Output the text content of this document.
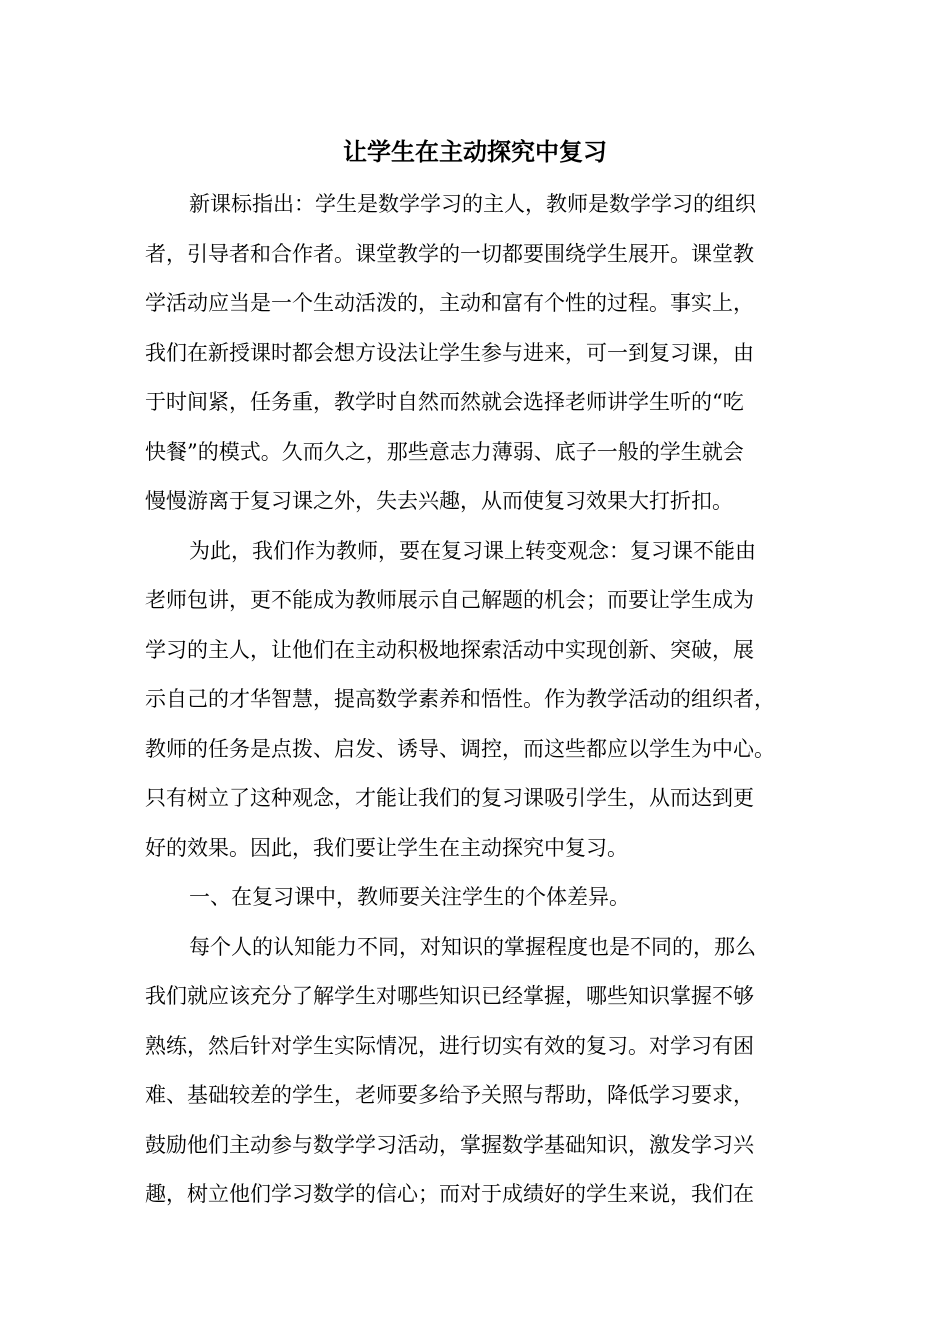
让学生在主动探究中复习
新课标指出：学生是数学学习的主人，教师是数学学习的组织
者，引导者和合作者。课堂教学的一切都要围绕学生展开。课堂教
学活动应当是一个生动活泼的，主动和富有个性的过程。事实上，
我们在新授课时都会想方设法让学生参与进来，可一到复习课，由
于时间紧，任务重，教学时自然而然就会选择老师讲学生听的“吃
快餐”的模式。久而久之，那些意志力薄弱、底子一般的学生就会
慢慢游离于复习课之外，失去兴趣，从而使复习效果大打折扣。
为此，我们作为教师，要在复习课上转变观念：复习课不能由
老师包讲，更不能成为教师展示自己解题的机会；而要让学生成为
学习的主人，让他们在主动积极地探索活动中实现创新、突破，展
示自己的才华智慧，提高数学素养和悟性。作为教学活动的组织者，
教师的任务是点拨、启发、诱导、调控，而这些都应以学生为中心。
只有树立了这种观念，才能让我们的复习课吸引学生，从而达到更
好的效果。因此，我们要让学生在主动探究中复习。
一、在复习课中，教师要关注学生的个体差异。
每个人的认知能力不同，对知识的掌握程度也是不同的，那么
我们就应该充分了解学生对哪些知识已经掌握，哪些知识掌握不够
熟练，然后针对学生实际情况，进行切实有效的复习。对学习有困
难、基础较差的学生，老师要多给予关照与帮助，降低学习要求，
鼓励他们主动参与数学学习活动，掌握数学基础知识，激发学习兴
趣，树立他们学习数学的信心；而对于成绩好的学生来说，我们在
